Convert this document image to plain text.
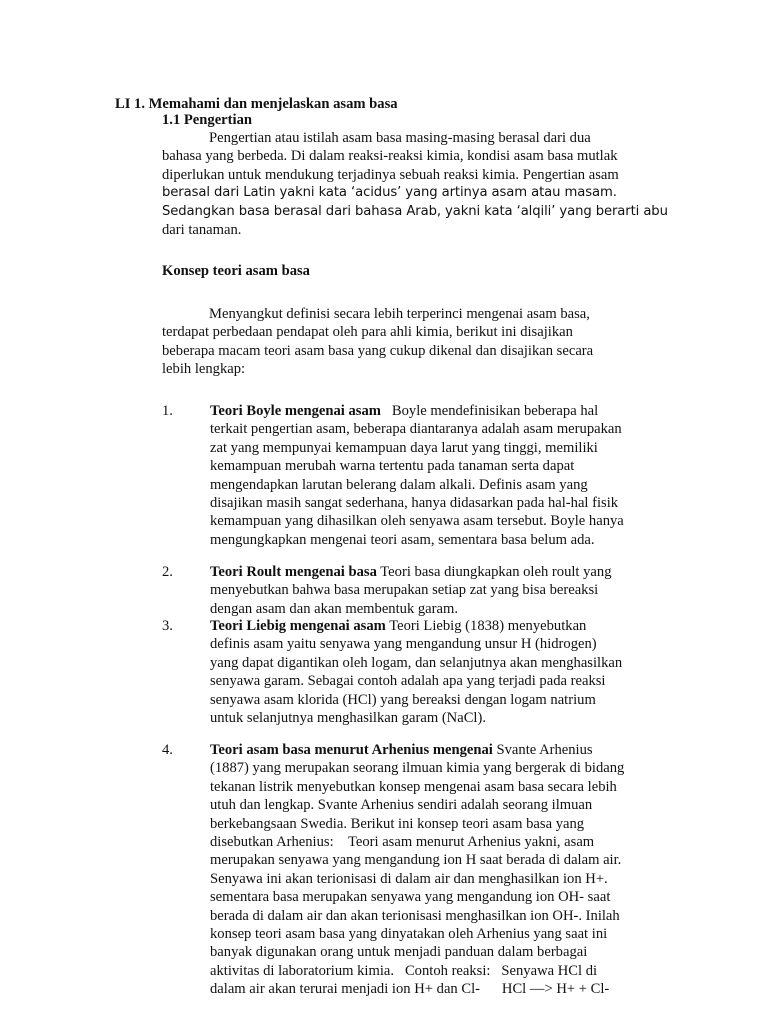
LI 1. Memahami dan menjelaskan asam basa
1.1 Pengertian
Pengertian atau istilah asam basa masing-masing berasal dari dua
bahasa yang berbeda. Di dalam reaksi-reaksi kimia, kondisi asam basa mutlak
diperlukan untuk mendukung terjadinya sebuah reaksi kimia. Pengertian asam
berasal dari Latin yakni kata ‘acidus’ yang artinya asam atau masam.
Sedangkan basa berasal dari bahasa Arab, yakni kata ‘alqili’ yang berarti abu
dari tanaman.
Konsep teori asam basa
Menyangkut definisi secara lebih terperinci mengenai asam basa,
terdapat perbedaan pendapat oleh para ahli kimia, berikut ini disajikan
beberapa macam teori asam basa yang cukup dikenal dan disajikan secara
lebih lengkap:
1.	Teori Boyle mengenai asam   Boyle mendefinisikan beberapa hal
terkait pengertian asam, beberapa diantaranya adalah asam merupakan
zat yang mempunyai kemampuan daya larut yang tinggi, memiliki
kemampuan merubah warna tertentu pada tanaman serta dapat
mengendapkan larutan belerang dalam alkali. Definis asam yang
disajikan masih sangat sederhana, hanya didasarkan pada hal-hal fisik
kemampuan yang dihasilkan oleh senyawa asam tersebut. Boyle hanya
mengungkapkan mengenai teori asam, sementara basa belum ada.
2.	Teori Roult mengenai basa Teori basa diungkapkan oleh roult yang
menyebutkan bahwa basa merupakan setiap zat yang bisa bereaksi
dengan asam dan akan membentuk garam.
3.	Teori Liebig mengenai asam Teori Liebig (1838) menyebutkan
definis asam yaitu senyawa yang mengandung unsur H (hidrogen)
yang dapat digantikan oleh logam, dan selanjutnya akan menghasilkan
senyawa garam. Sebagai contoh adalah apa yang terjadi pada reaksi
senyawa asam klorida (HCl) yang bereaksi dengan logam natrium
untuk selanjutnya menghasilkan garam (NaCl).
4.	Teori asam basa menurut Arhenius mengenai Svante Arhenius
(1887) yang merupakan seorang ilmuan kimia yang bergerak di bidang
tekanan listrik menyebutkan konsep mengenai asam basa secara lebih
utuh dan lengkap. Svante Arhenius sendiri adalah seorang ilmuan
berkebangsaan Swedia. Berikut ini konsep teori asam basa yang
disebutkan Arhenius:    Teori asam menurut Arhenius yakni, asam
merupakan senyawa yang mengandung ion H saat berada di dalam air.
Senyawa ini akan terionisasi di dalam air dan menghasilkan ion H+.
sementara basa merupakan senyawa yang mengandung ion OH- saat
berada di dalam air dan akan terionisasi menghasilkan ion OH-. Inilah
konsep teori asam basa yang dinyatakan oleh Arhenius yang saat ini
banyak digunakan orang untuk menjadi panduan dalam berbagai
aktivitas di laboratorium kimia.   Contoh reaksi:   Senyawa HCl di
dalam air akan terurai menjadi ion H+ dan Cl-      HCl —> H+ + Cl-
